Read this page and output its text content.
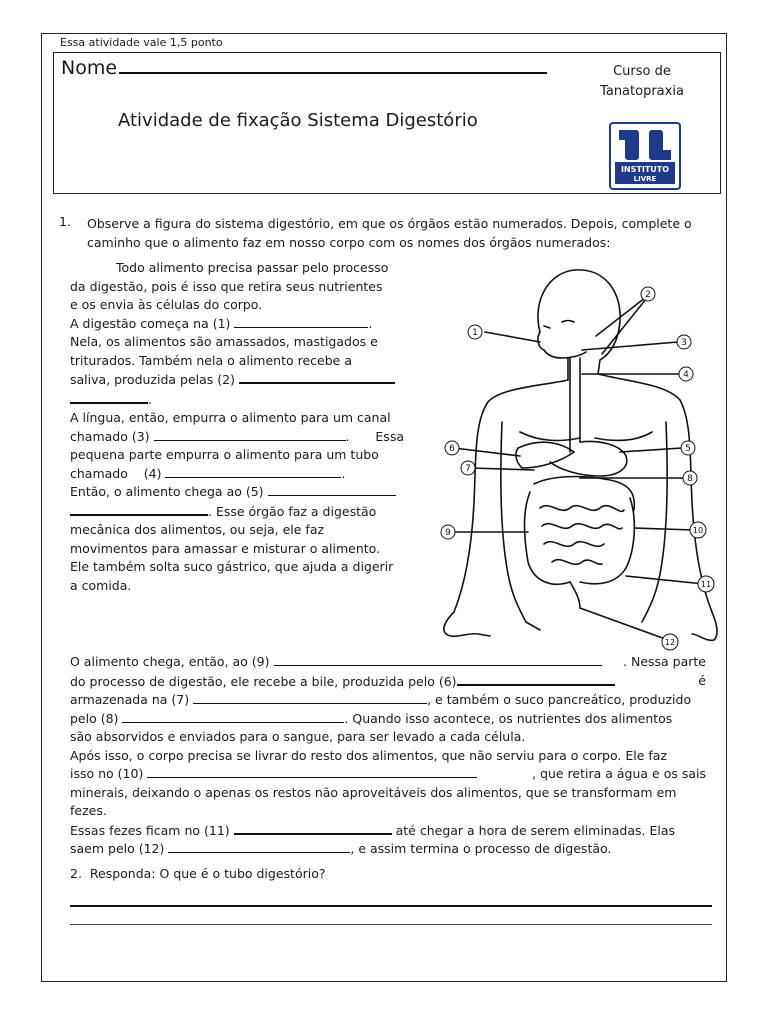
Essa atividade vale 1,5 ponto
Nome
Atividade de fixação Sistema Digestório
Curso de
Tanatopraxia
INSTITUTO
LIVRE
1. Observe a figura do sistema digestório, em que os órgãos estão numerados. Depois, complete o caminho que o alimento faz em nosso corpo com os nomes dos órgãos numerados:

Todo alimento precisa passar pelo processo

da digestão, pois é isso que retira seus nutrientes

e os envia às células do corpo.

A digestão começa na (1)	.

Nela, os alimentos são amassados, mastigados e

triturados. Também nela o alimento recebe a

saliva, produzida pelas (2)

.

A língua, então, empurra o alimento para um canal

chamado (3)	. Essa

pequena parte empurra o alimento para um tubo

chamado    (4)	.

Então, o alimento chega ao (5)

. Esse órgão faz a digestão

mecânica dos alimentos, ou seja, ele faz

movimentos para amassar e misturar o alimento.

Ele também solta suco gástrico, que ajuda a digerir

a comida.

1
2
3
4
5
6
7
8
9	10
11
12

O alimento chega, então, ao (9)	. Nessa parte

do processo de digestão, ele recebe a bile, produzida pelo (6)	é

armazenada na (7)	, e também o suco pancreático, produzido

pelo (8)	. Quando isso acontece, os nutrientes dos alimentos

são absorvidos e enviados para o sangue, para ser levado a cada célula.

Após isso, o corpo precisa se livrar do resto dos alimentos, que não serviu para o corpo. Ele faz

isso no (10)	, que retira a água e os sais

minerais, deixando o apenas os restos não aproveitáveis dos alimentos, que se transformam em

fezes.

Essas fezes ficam no (11)	até chegar a hora de serem eliminadas. Elas

saem pelo (12)	, e assim termina o processo de digestão.

2. Responda: O que é o tubo digestório?
